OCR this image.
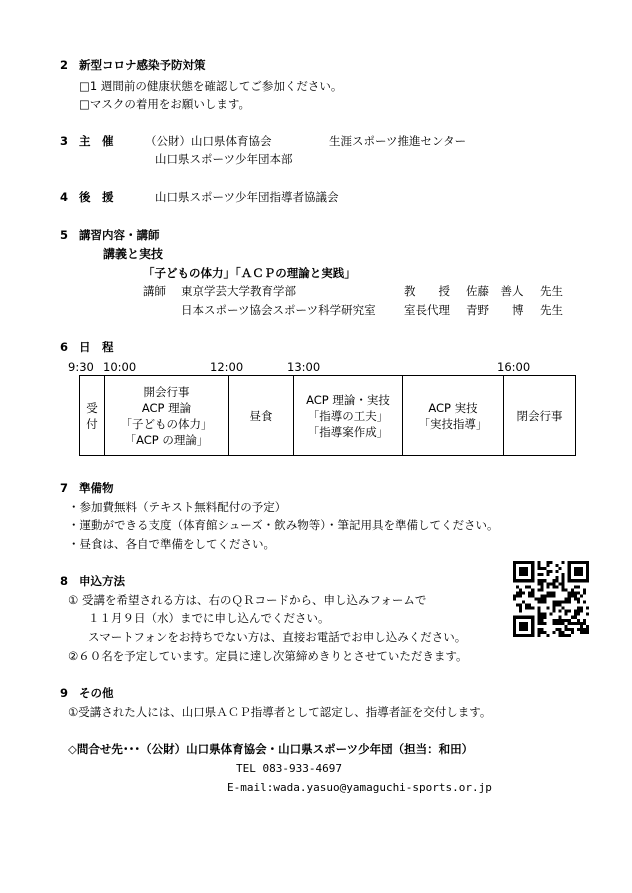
2 新型コロナ感染予防対策
□1 週間前の健康状態を確認してご参加ください。
□マスクの着用をお願いします。
3 主　催	（公財）山口県体育協会	生涯スポーツ推進センター
山口県スポーツ少年団本部
4 後　援	山口県スポーツ少年団指導者協議会
5 講習内容・講師
講義と実技
「子どもの体力」「ＡＣＰの理論と実践」
講師 東京学芸大学教育学部	教　　授 佐藤　善人 先生
日本スポーツ協会スポーツ科学研究室 室長代理 青野　　博 先生
6 日　程
9:30 10:00	12:00	13:00	16:00
受
付

開会行事
ACP 理論
「子どもの体力」
「ACP の理論」

昼食

ACP 理論・実技
「指導の工夫」
「指導案作成」

ACP 実技
「実技指導」

閉会行事
7 準備物
・参加費無料（テキスト無料配付の予定）
・運動ができる支度（体育館シューズ・飲み物等）・筆記用具を準備してください。
・昼食は、各自で準備をしてください。
8 申込方法
① 受講を希望される方は、右のＱＲコードから、申し込みフォームで
１１月９日（水）までに申し込んでください。
スマートフォンをお持ちでない方は、直接お電話でお申し込みください。
②６０名を予定しています。定員に達し次第締めきりとさせていただきます。
9 その他
①受講された人には、山口県ＡＣＰ指導者として認定し、指導者証を交付します。
◇問合せ先･･･（公財）山口県体育協会・山口県スポーツ少年団（担当：和田）
TEL 083-933-4697
E-mail:wada.yasuo@yamaguchi-sports.or.jp
